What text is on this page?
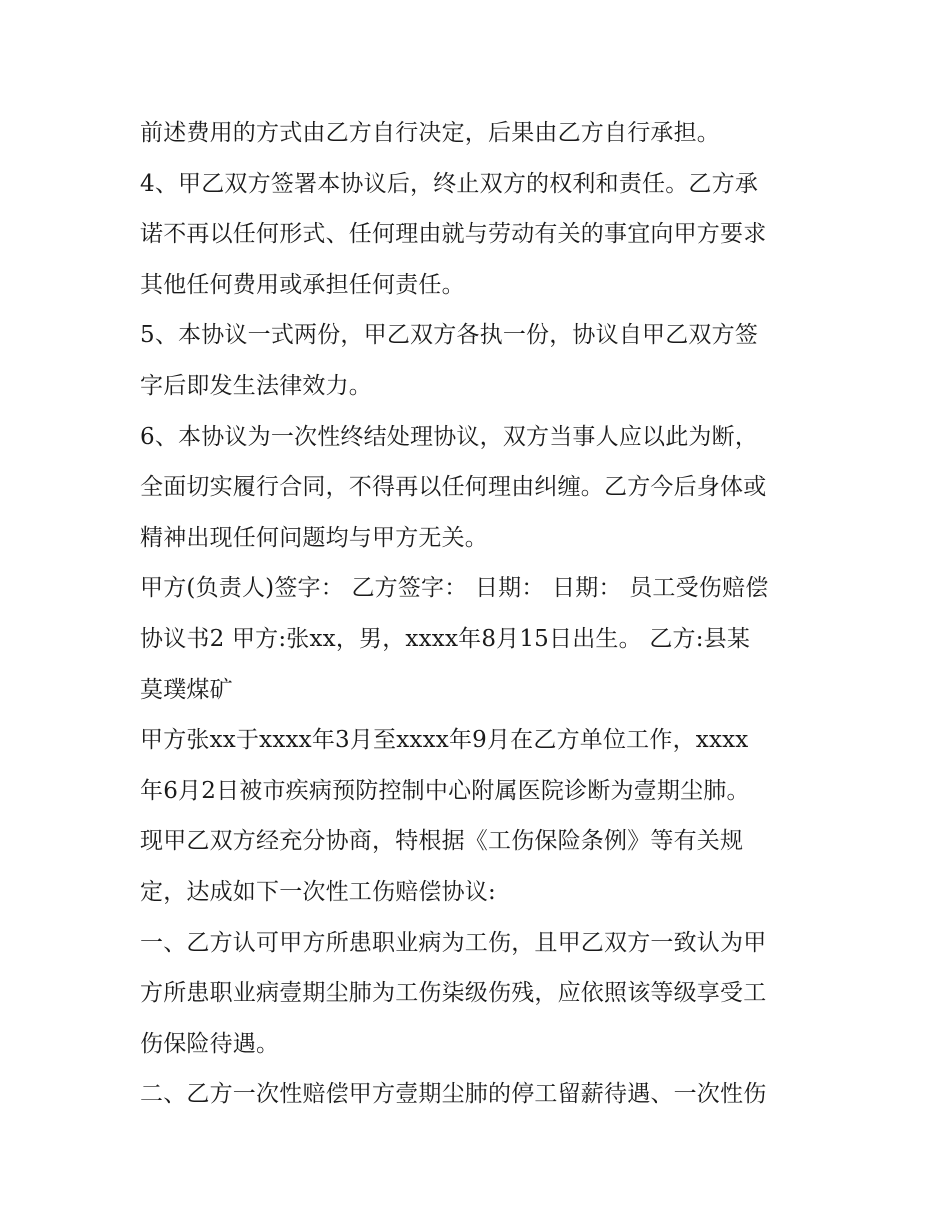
前述费用的方式由乙方自行决定，后果由乙方自行承担。
4、甲乙双方签署本协议后，终止双方的权利和责任。乙方承
诺不再以任何形式、任何理由就与劳动有关的事宜向甲方要求
其他任何费用或承担任何责任。
5、本协议一式两份，甲乙双方各执一份，协议自甲乙双方签
字后即发生法律效力。
6、本协议为一次性终结处理协议，双方当事人应以此为断，
全面切实履行合同，不得再以任何理由纠缠。乙方今后身体或
精神出现任何问题均与甲方无关。
甲方(负责人)签字： 乙方签字： 日期： 日期： 员工受伤赔偿
协议书2 甲方:张xx，男，xxxx年8月15日出生。 乙方:县某
莫璞煤矿
甲方张xx于xxxx年3月至xxxx年9月在乙方单位工作，xxxx
年6月2日被市疾病预防控制中心附属医院诊断为壹期尘肺。
现甲乙双方经充分协商，特根据《工伤保险条例》等有关规
定，达成如下一次性工伤赔偿协议:
一、乙方认可甲方所患职业病为工伤，且甲乙双方一致认为甲
方所患职业病壹期尘肺为工伤柒级伤残，应依照该等级享受工
伤保险待遇。
二、乙方一次性赔偿甲方壹期尘肺的停工留薪待遇、一次性伤
